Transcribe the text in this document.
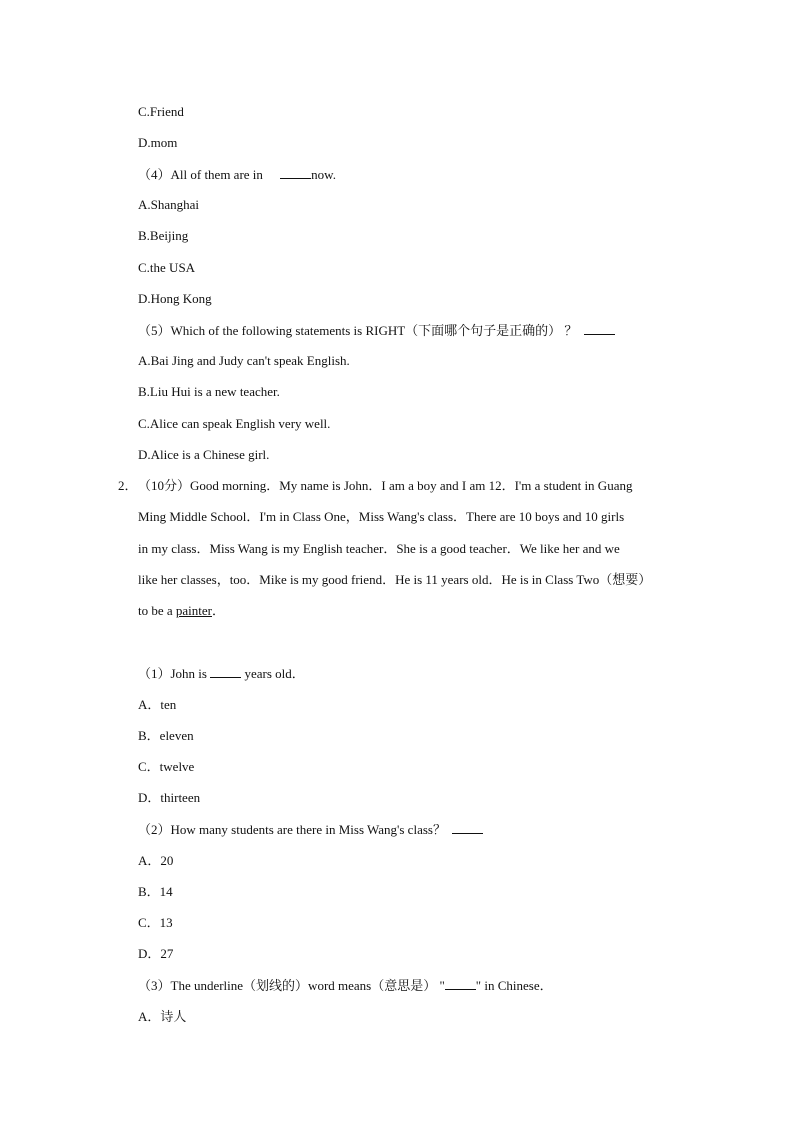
C.Friend
D.mom
（4）All of them are in	now.
A.Shanghai
B.Beijing
C.the USA
D.Hong Kong
（5）Which of the following statements is RIGHT（下面哪个句子是正确的） ？
A.Bai Jing and Judy can't speak English.
B.Liu Hui is a new teacher.
C.Alice can speak English very well.
D.Alice is a Chinese girl.
2． （10分）Good morning．My name is John．I am a boy and I am 12．I'm a student in Guang
Ming Middle School．I'm in Class One，Miss Wang's class．There are 10 boys and 10 girls
in my class．Miss Wang is my English teacher．She is a good teacher．We like her and we
like her classes，too．Mike is my good friend．He is 11 years old．He is in Class Two（想要）
to be a painter．
（1）John is  years old．
A．ten
B．eleven
C．twelve
D．thirteen
（2）How many students are there in Miss Wang's class？
A．20
B．14
C．13
D．27
（3）The underline（划线的）word means（意思是） " " in Chinese．
A．诗人
